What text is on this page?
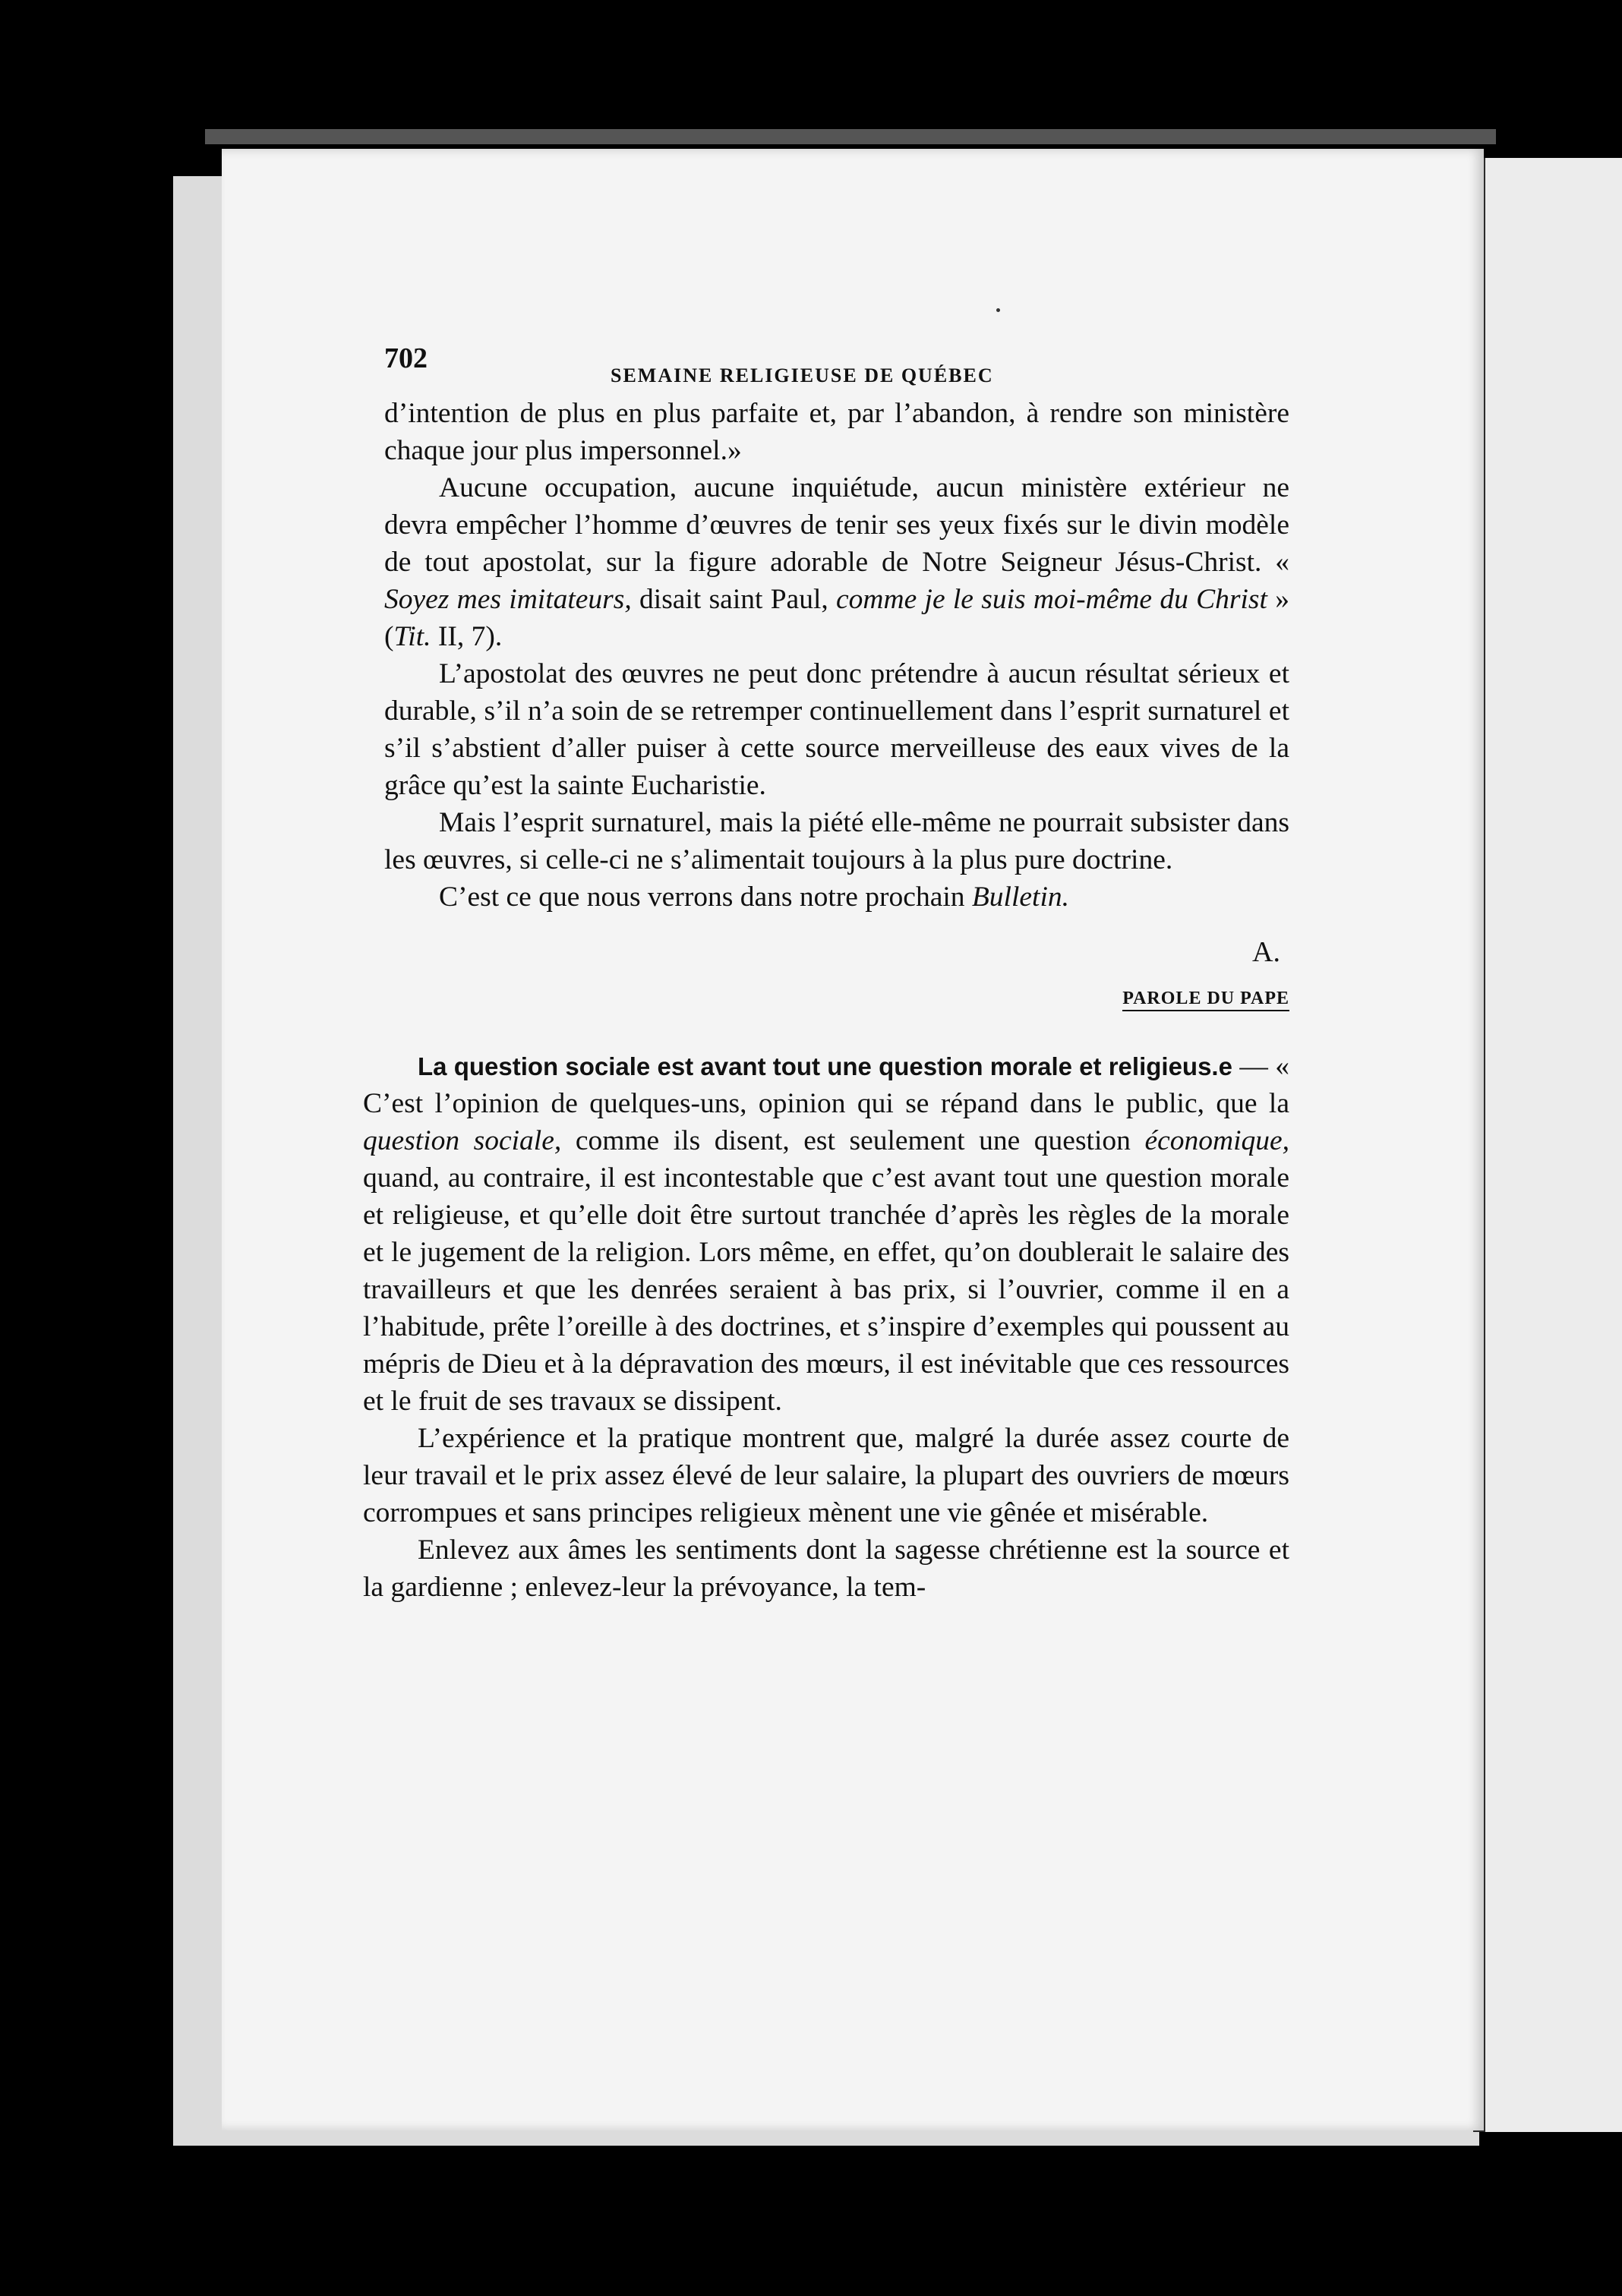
702
SEMAINE RELIGIEUSE DE QUÉBEC

d’intention de plus en plus parfaite et, par l’abandon, à rendre son ministère chaque jour plus impersonnel.»

Aucune occupation, aucune inquiétude, aucun ministère extérieur ne devra empêcher l’homme d’œuvres de tenir ses yeux fixés sur le divin modèle de tout apostolat, sur la figure adorable de Notre Seigneur Jésus-Christ. « Soyez mes imitateurs, disait saint Paul, comme je le suis moi-même du Christ » (Tit. II, 7).

L’apostolat des œuvres ne peut donc prétendre à aucun résultat sérieux et durable, s’il n’a soin de se retremper continuellement dans l’esprit surnaturel et s’il s’abstient d’aller puiser à cette source merveilleuse des eaux vives de la grâce qu’est la sainte Eucharistie.

Mais l’esprit surnaturel, mais la piété elle-même ne pourrait subsister dans les œuvres, si celle-ci ne s’alimentait toujours à la plus pure doctrine.

C’est ce que nous verrons dans notre prochain Bulletin.

A.

PAROLE DU PAPE

La question sociale est avant tout une question morale et religieus.e — « C’est l’opinion de quelques-uns, opinion qui se répand dans le public, que la question sociale, comme ils disent, est seulement une question économique, quand, au contraire, il est incontestable que c’est avant tout une question morale et religieuse, et qu’elle doit être surtout tranchée d’après les règles de la morale et le jugement de la religion. Lors même, en effet, qu’on doublerait le salaire des travailleurs et que les denrées seraient à bas prix, si l’ouvrier, comme il en a l’habitude, prête l’oreille à des doctrines, et s’inspire d’exemples qui poussent au mépris de Dieu et à la dépravation des mœurs, il est inévitable que ces ressources et le fruit de ses travaux se dissipent.

L’expérience et la pratique montrent que, malgré la durée assez courte de leur travail et le prix assez élevé de leur salaire, la plupart des ouvriers de mœurs corrompues et sans principes religieux mènent une vie gênée et misérable.

Enlevez aux âmes les sentiments dont la sagesse chrétienne est la source et la gardienne ; enlevez-leur la prévoyance, la tem-
